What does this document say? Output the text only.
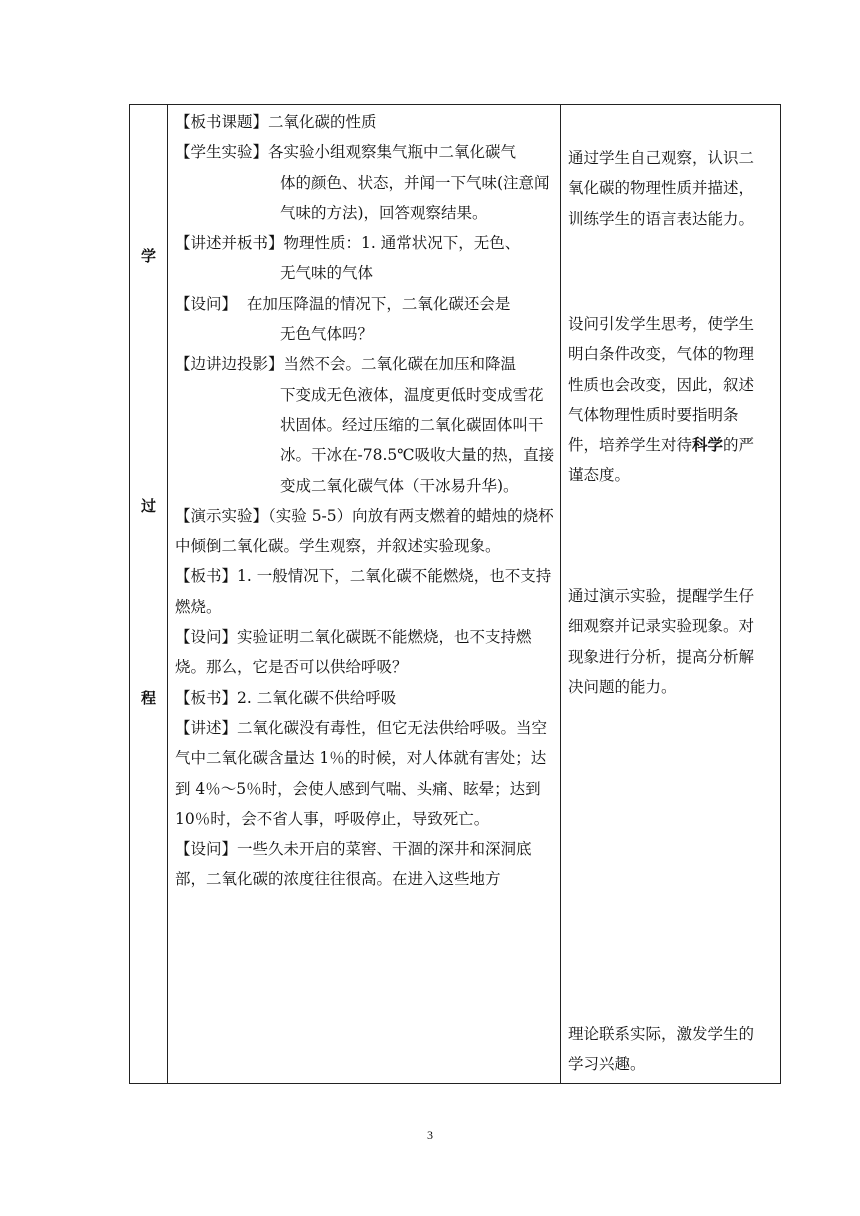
学
过
程
【板书课题】 二氧化碳的性质
【学生实验】 各实验小组观察集气瓶中二氧化碳气
体的颜色、状态，并闻一下气味(注意闻气味的方法)，回答观察结果。
【讲述并板书】 物理性质：1. 通常状况下，无色、
无气味的气体
【设问】 在加压降温的情况下，二氧化碳还会是
无色气体吗？
【边讲边投影】 当然不会。二氧化碳在加压和降温
下变成无色液体，温度更低时变成雪花状固体。经过压缩的二氧化碳固体叫干冰。干冰在-78.5℃吸收大量的热，直接变成二氧化碳气体（干冰易升华)。

【演示实验】（实验 5-5）向放有两支燃着的蜡烛的烧杯中倾倒二氧化碳。学生观察，并叙述实验现象。

【板书】1. 一般情况下，二氧化碳不能燃烧，也不支持燃烧。

【设问】实验证明二氧化碳既不能燃烧，也不支持燃烧。那么，它是否可以供给呼吸？

【板书】2. 二氧化碳不供给呼吸

【讲述】二氧化碳没有毒性，但它无法供给呼吸。当空气中二氧化碳含量达 1％的时候，对人体就有害处；达到 4％～5％时，会使人感到气喘、头痛、眩晕；达到 10％时，会不省人事，呼吸停止，导致死亡。

【设问】一些久未开启的菜窖、干涸的深井和深洞底部，二氧化碳的浓度往往很高。在进入这些地方

通过学生自己观察，认识二氧化碳的物理性质并描述，训练学生的语言表达能力。
设问引发学生思考，使学生明白条件改变，气体的物理性质也会改变，因此，叙述气体物理性质时要指明条件，培养学生对待科学的严谨态度。
通过演示实验，提醒学生仔细观察并记录实验现象。对现象进行分析，提高分析解决问题的能力。
理论联系实际，激发学生的学习兴趣。
3
